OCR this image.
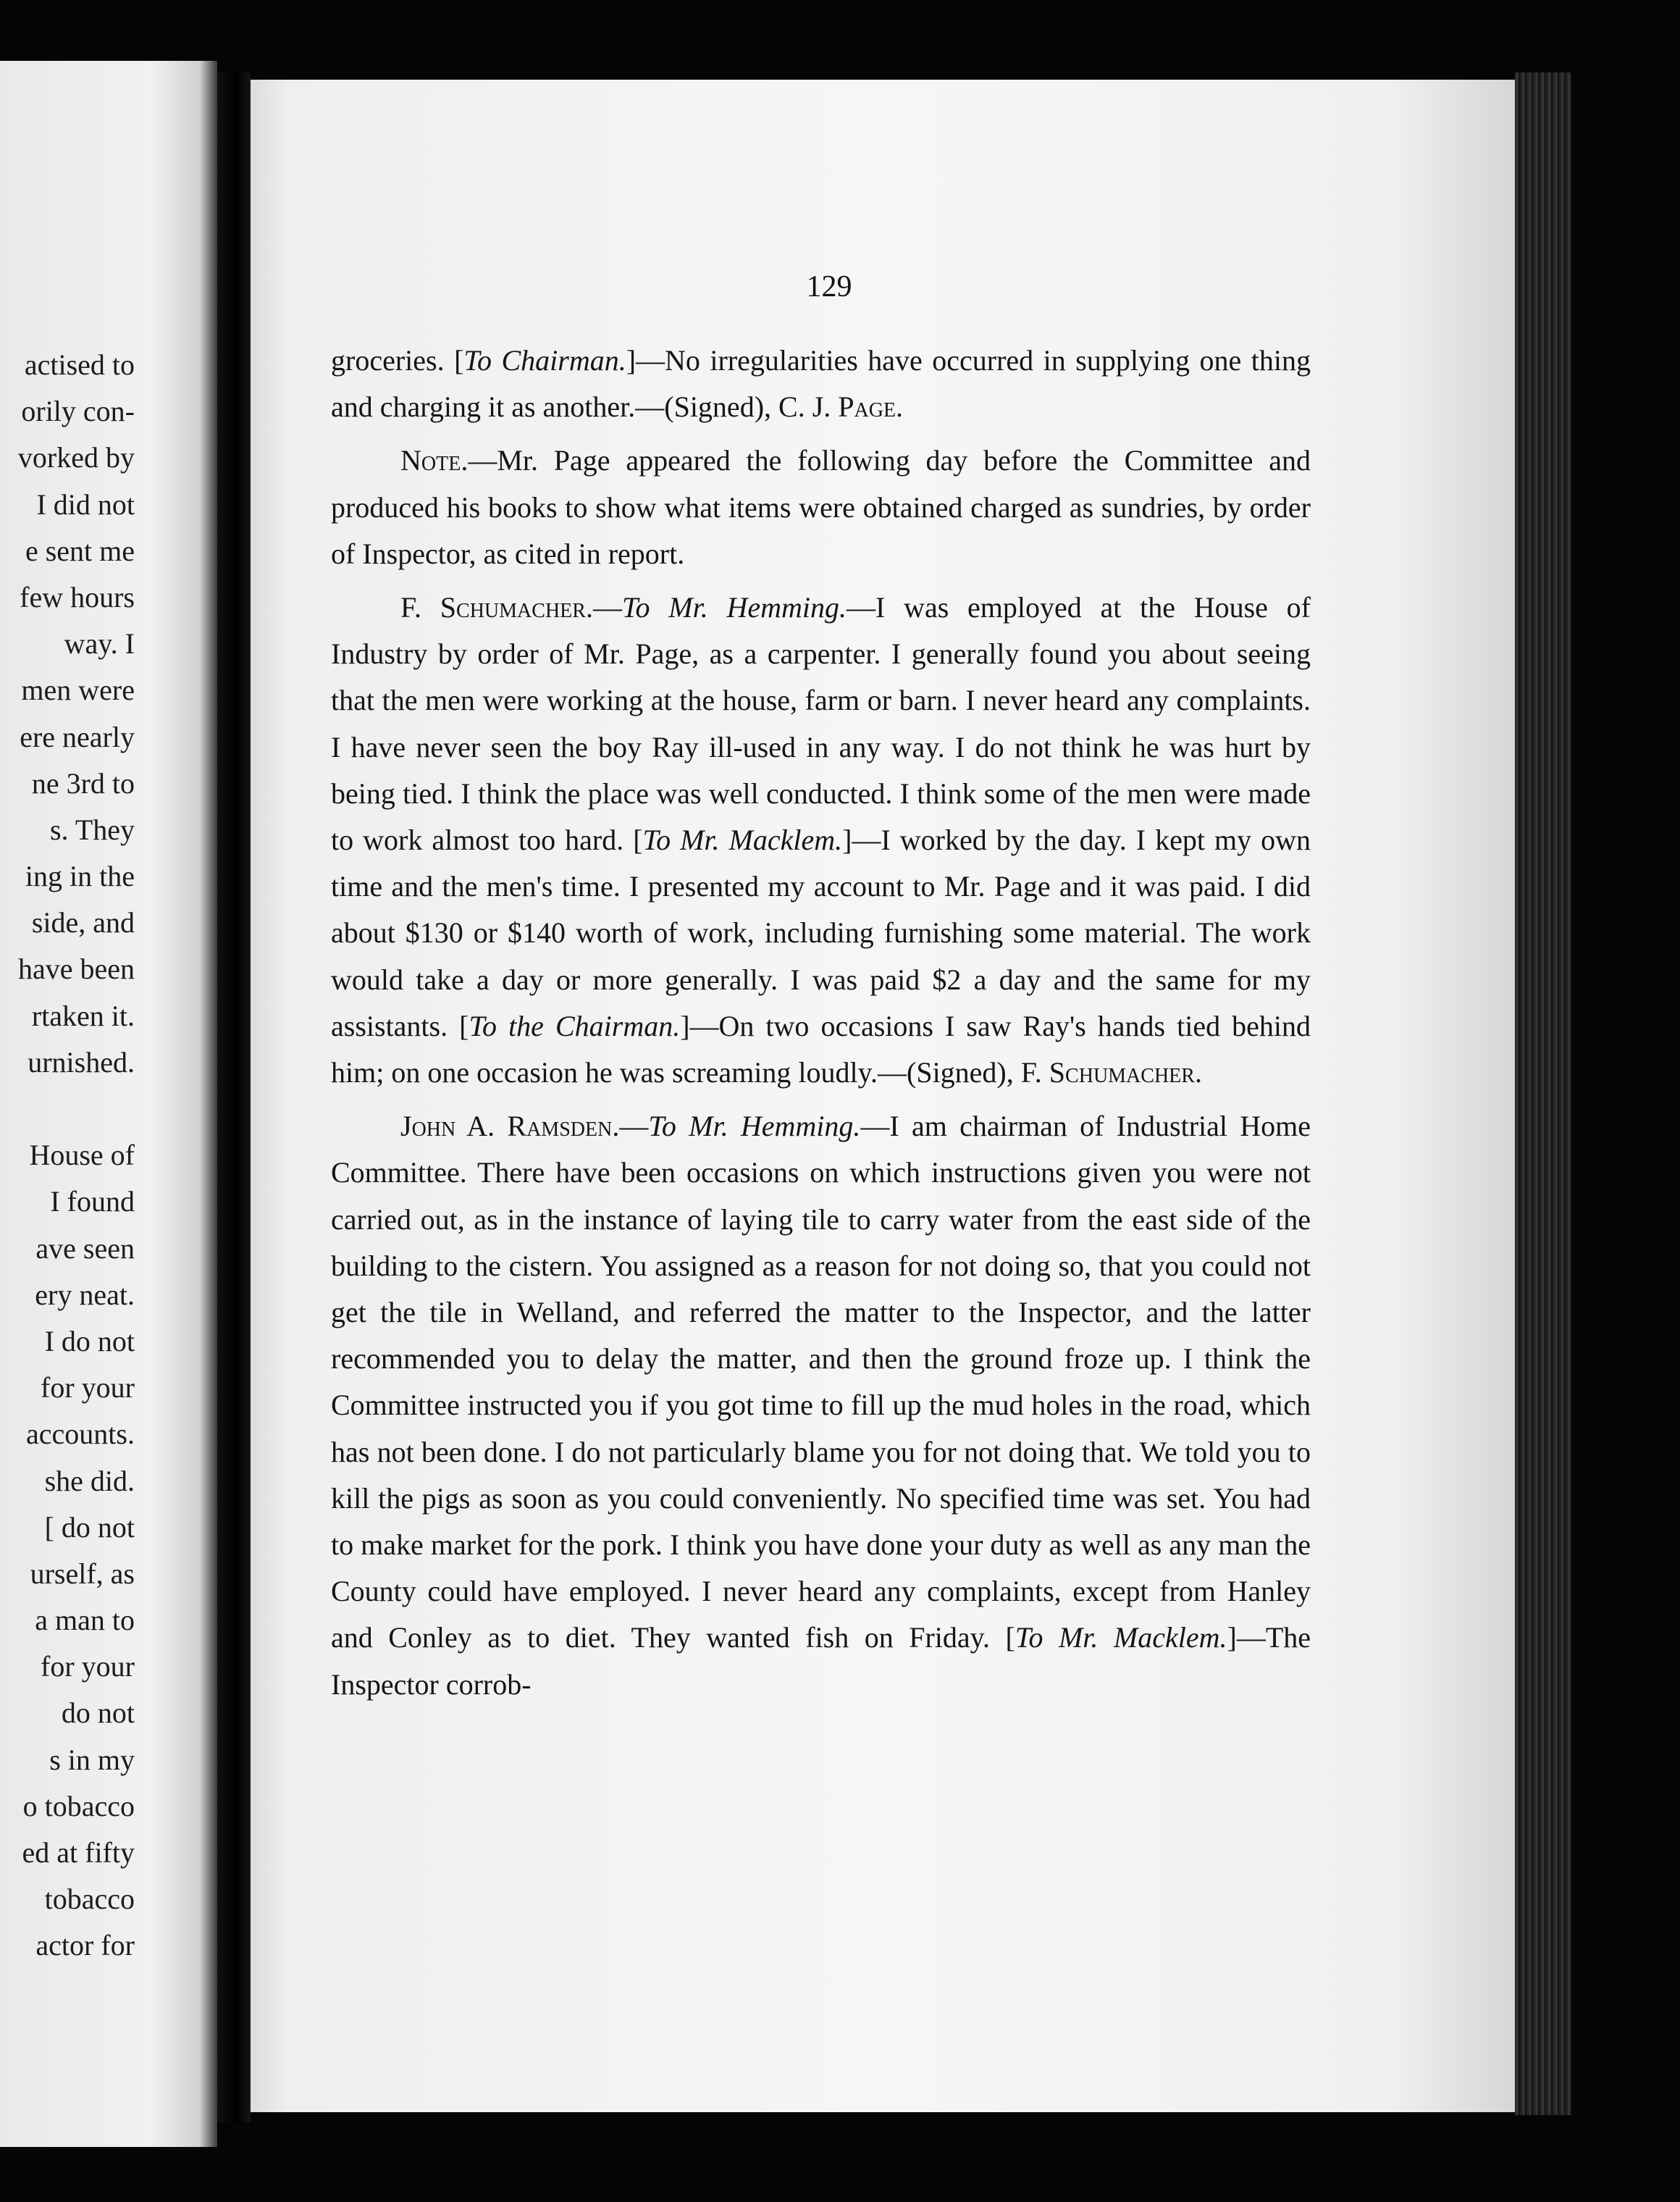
actised to
orily con-
vorked by
I did not
e sent me
few hours
way. I
men were
ere nearly
ne 3rd to
s. They
ing in the
side, and
have been
rtaken it.
urnished.
House of
I found
ave seen
ery neat.
I do not
for your
accounts.
she did.
[ do not
urself, as
a man to
for your
do not
s in my
o tobacco
ed at fifty
tobacco
actor for
129

groceries. [To Chairman.]—No irregularities have occurred in supplying one thing and charging it as another.—(Signed), C. J. Page.

Note.—Mr. Page appeared the following day before the Committee and produced his books to show what items were obtained charged as sundries, by order of Inspector, as cited in report.

F. Schumacher.—To Mr. Hemming.—I was employed at the House of Industry by order of Mr. Page, as a carpenter. I generally found you about seeing that the men were working at the house, farm or barn. I never heard any complaints. I have never seen the boy Ray ill-used in any way. I do not think he was hurt by being tied. I think the place was well conducted. I think some of the men were made to work almost too hard. [To Mr. Macklem.]—I worked by the day. I kept my own time and the men's time. I presented my account to Mr. Page and it was paid. I did about $130 or $140 worth of work, including furnishing some material. The work would take a day or more generally. I was paid $2 a day and the same for my assistants. [To the Chairman.]—On two occasions I saw Ray's hands tied behind him; on one occasion he was screaming loudly.—(Signed), F. Schumacher.

John A. Ramsden.—To Mr. Hemming.—I am chairman of Industrial Home Committee. There have been occasions on which instructions given you were not carried out, as in the instance of laying tile to carry water from the east side of the building to the cistern. You assigned as a reason for not doing so, that you could not get the tile in Welland, and referred the matter to the Inspector, and the latter recommended you to delay the matter, and then the ground froze up. I think the Committee instructed you if you got time to fill up the mud holes in the road, which has not been done. I do not particularly blame you for not doing that. We told you to kill the pigs as soon as you could conveniently. No specified time was set. You had to make market for the pork. I think you have done your duty as well as any man the County could have employed. I never heard any complaints, except from Hanley and Conley as to diet. They wanted fish on Friday. [To Mr. Macklem.]—The Inspector corrob-
